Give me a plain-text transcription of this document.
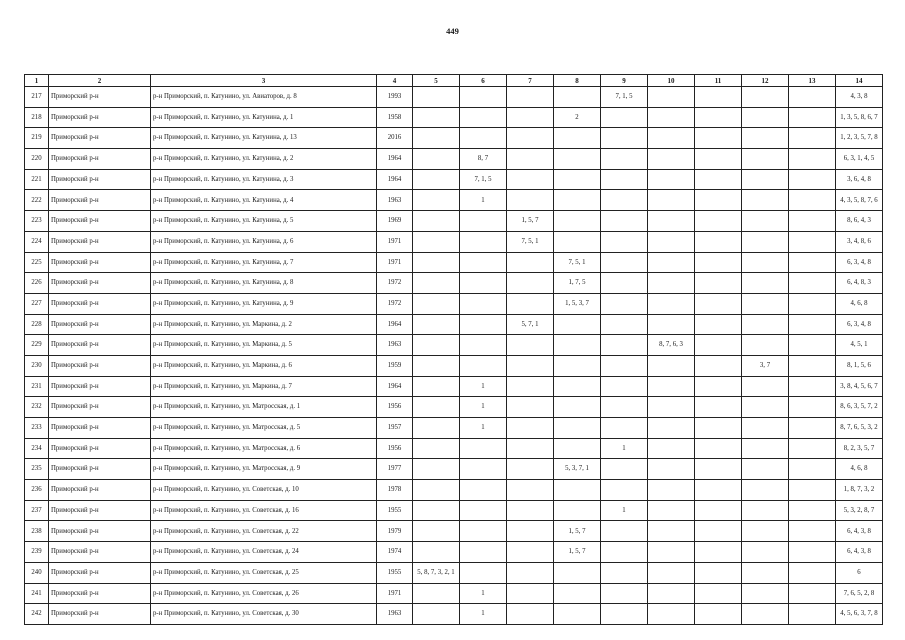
449
1	2	3	4	5	6	7	8	9	10	11	12	13	14
217	Приморский р-н	р-н Приморский, п. Катунино, ул. Авиаторов, д. 8	1993					7, 1, 5					4, 3, 8
218	Приморский р-н	р-н Приморский, п. Катунино, ул. Катунина, д. 1	1958				2						1, 3, 5, 8, 6, 7
219	Приморский р-н	р-н Приморский, п. Катунино, ул. Катунина, д. 13	2016										1, 2, 3, 5, 7, 8
220	Приморский р-н	р-н Приморский, п. Катунино, ул. Катунина, д. 2	1964		8, 7								6, 3, 1, 4, 5
221	Приморский р-н	р-н Приморский, п. Катунино, ул. Катунина, д. 3	1964		7, 1, 5								3, 6, 4, 8
222	Приморский р-н	р-н Приморский, п. Катунино, ул. Катунина, д. 4	1963		1								4, 3, 5, 8, 7, 6
223	Приморский р-н	р-н Приморский, п. Катунино, ул. Катунина, д. 5	1969			1, 5, 7							8, 6, 4, 3
224	Приморский р-н	р-н Приморский, п. Катунино, ул. Катунина, д. 6	1971			7, 5, 1							3, 4, 8, 6
225	Приморский р-н	р-н Приморский, п. Катунино, ул. Катунина, д. 7	1971				7, 5, 1						6, 3, 4, 8
226	Приморский р-н	р-н Приморский, п. Катунино, ул. Катунина, д. 8	1972				1, 7, 5						6, 4, 8, 3
227	Приморский р-н	р-н Приморский, п. Катунино, ул. Катунина, д. 9	1972				1, 5, 3, 7						4, 6, 8
228	Приморский р-н	р-н Приморский, п. Катунино, ул. Маркина, д. 2	1964			5, 7, 1							6, 3, 4, 8
229	Приморский р-н	р-н Приморский, п. Катунино, ул. Маркина, д. 5	1963						8, 7, 6, 3				4, 5, 1
230	Приморский р-н	р-н Приморский, п. Катунино, ул. Маркина, д. 6	1959								3, 7		8, 1, 5, 6
231	Приморский р-н	р-н Приморский, п. Катунино, ул. Маркина, д. 7	1964		1								3, 8, 4, 5, 6, 7
232	Приморский р-н	р-н Приморский, п. Катунино, ул. Матросская, д. 1	1956		1								8, 6, 3, 5, 7, 2
233	Приморский р-н	р-н Приморский, п. Катунино, ул. Матросская, д. 5	1957		1								8, 7, 6, 5, 3, 2
234	Приморский р-н	р-н Приморский, п. Катунино, ул. Матросская, д. 6	1956					1					8, 2, 3, 5, 7
235	Приморский р-н	р-н Приморский, п. Катунино, ул. Матросская, д. 9	1977				5, 3, 7, 1						4, 6, 8
236	Приморский р-н	р-н Приморский, п. Катунино, ул. Советская, д. 10	1978										1, 8, 7, 3, 2
237	Приморский р-н	р-н Приморский, п. Катунино, ул. Советская, д. 16	1955					1					5, 3, 2, 8, 7
238	Приморский р-н	р-н Приморский, п. Катунино, ул. Советская, д. 22	1979				1, 5, 7						6, 4, 3, 8
239	Приморский р-н	р-н Приморский, п. Катунино, ул. Советская, д. 24	1974				1, 5, 7						6, 4, 3, 8
240	Приморский р-н	р-н Приморский, п. Катунино, ул. Советская, д. 25	1955	5, 8, 7, 3, 2, 1									6
241	Приморский р-н	р-н Приморский, п. Катунино, ул. Советская, д. 26	1971		1								7, 6, 5, 2, 8
242	Приморский р-н	р-н Приморский, п. Катунино, ул. Советская, д. 30	1963		1								4, 5, 6, 3, 7, 8
